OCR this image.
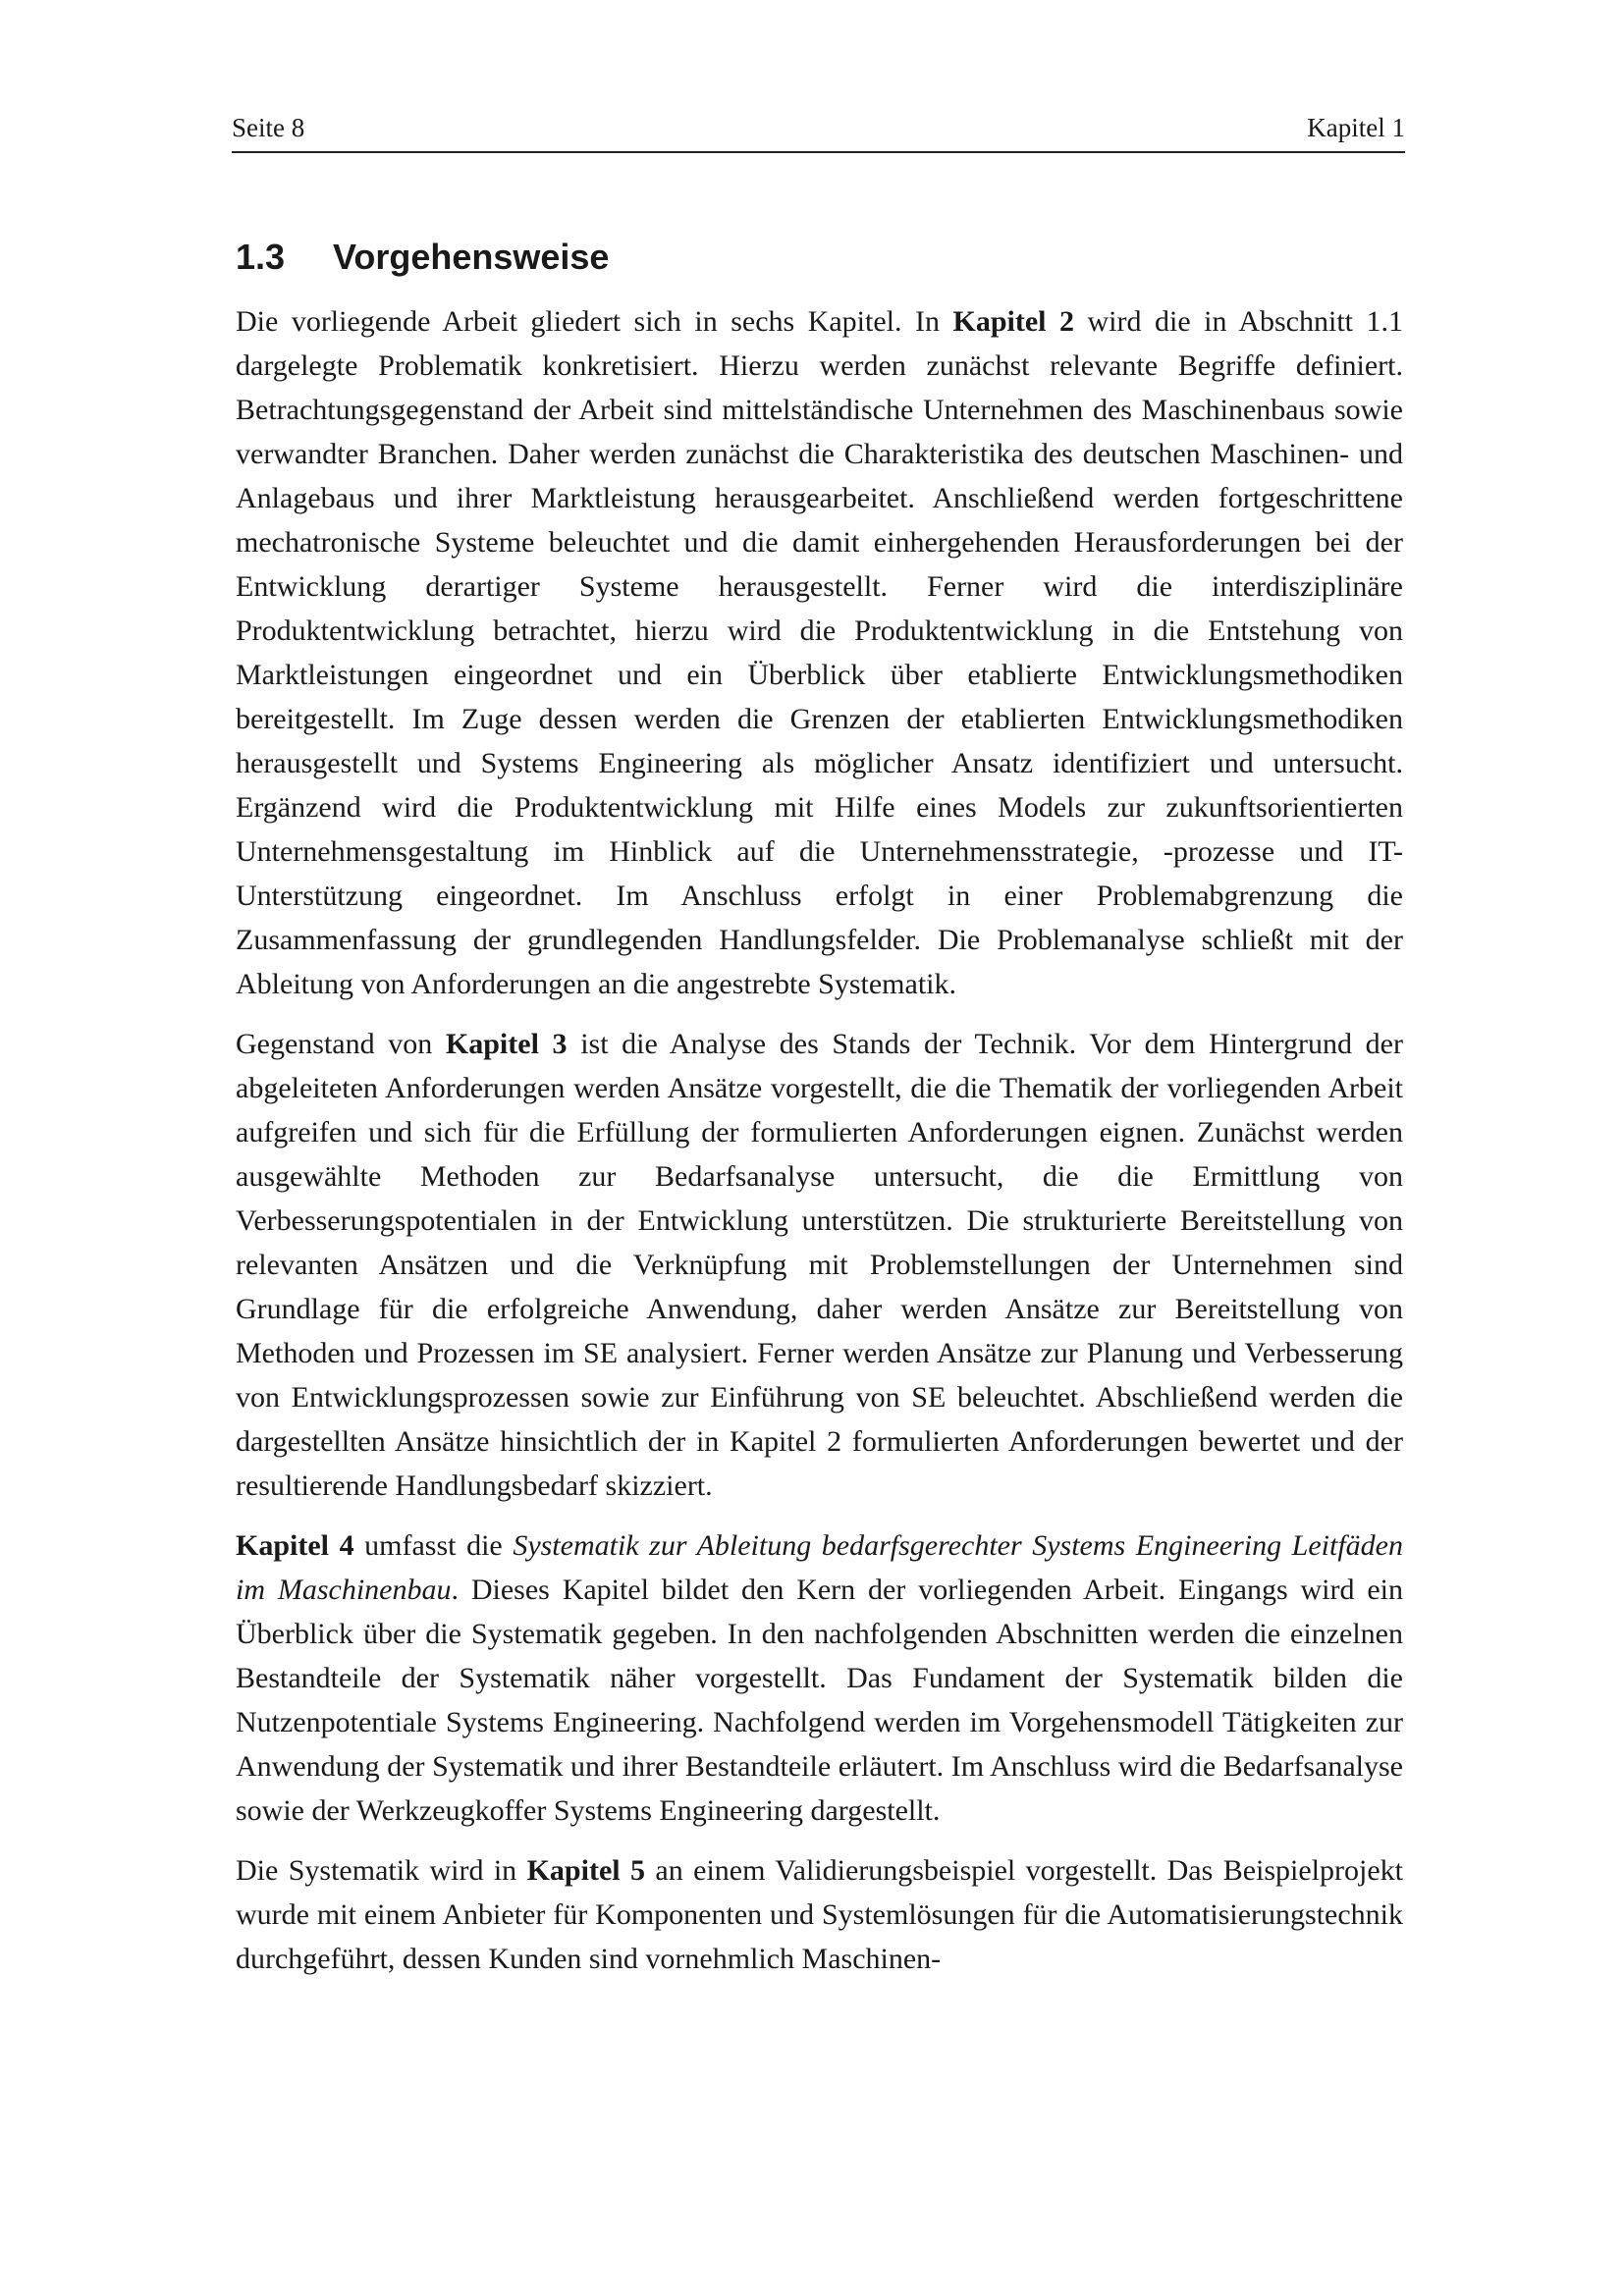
Seite 8	Kapitel 1
1.3 Vorgehensweise

Die vorliegende Arbeit gliedert sich in sechs Kapitel. In Kapitel 2 wird die in Abschnitt 1.1 dargelegte Problematik konkretisiert. Hierzu werden zunächst relevante Begriffe definiert. Betrachtungsgegenstand der Arbeit sind mittelständische Unternehmen des Maschinenbaus sowie verwandter Branchen. Daher werden zunächst die Charakteristika des deutschen Maschinen- und Anlagebaus und ihrer Marktleistung herausgearbeitet. Anschließend werden fortgeschrittene mechatronische Systeme beleuchtet und die damit einhergehenden Herausforderungen bei der Entwicklung derartiger Systeme herausgestellt. Ferner wird die interdisziplinäre Produktentwicklung betrachtet, hierzu wird die Produktentwicklung in die Entstehung von Marktleistungen eingeordnet und ein Überblick über etablierte Entwicklungsmethodiken bereitgestellt. Im Zuge dessen werden die Grenzen der etablierten Entwicklungsmethodiken herausgestellt und Systems Engineering als möglicher Ansatz identifiziert und untersucht. Ergänzend wird die Produktentwicklung mit Hilfe eines Models zur zukunftsorientierten Unternehmensgestaltung im Hinblick auf die Unternehmensstrategie, -prozesse und IT-Unterstützung eingeordnet. Im Anschluss erfolgt in einer Problemabgrenzung die Zusammenfassung der grundlegenden Handlungsfelder. Die Problemanalyse schließt mit der Ableitung von Anforderungen an die angestrebte Systematik.

Gegenstand von Kapitel 3 ist die Analyse des Stands der Technik. Vor dem Hintergrund der abgeleiteten Anforderungen werden Ansätze vorgestellt, die die Thematik der vorliegenden Arbeit aufgreifen und sich für die Erfüllung der formulierten Anforderungen eignen. Zunächst werden ausgewählte Methoden zur Bedarfsanalyse untersucht, die die Ermittlung von Verbesserungspotentialen in der Entwicklung unterstützen. Die strukturierte Bereitstellung von relevanten Ansätzen und die Verknüpfung mit Problemstellungen der Unternehmen sind Grundlage für die erfolgreiche Anwendung, daher werden Ansätze zur Bereitstellung von Methoden und Prozessen im SE analysiert. Ferner werden Ansätze zur Planung und Verbesserung von Entwicklungsprozessen sowie zur Einführung von SE beleuchtet. Abschließend werden die dargestellten Ansätze hinsichtlich der in Kapitel 2 formulierten Anforderungen bewertet und der resultierende Handlungsbedarf skizziert.

Kapitel 4 umfasst die Systematik zur Ableitung bedarfsgerechter Systems Engineering Leitfäden im Maschinenbau. Dieses Kapitel bildet den Kern der vorliegenden Arbeit. Eingangs wird ein Überblick über die Systematik gegeben. In den nachfolgenden Abschnitten werden die einzelnen Bestandteile der Systematik näher vorgestellt. Das Fundament der Systematik bilden die Nutzenpotentiale Systems Engineering. Nachfolgend werden im Vorgehensmodell Tätigkeiten zur Anwendung der Systematik und ihrer Bestandteile erläutert. Im Anschluss wird die Bedarfsanalyse sowie der Werkzeugkoffer Systems Engineering dargestellt.

Die Systematik wird in Kapitel 5 an einem Validierungsbeispiel vorgestellt. Das Beispielprojekt wurde mit einem Anbieter für Komponenten und Systemlösungen für die Automatisierungstechnik durchgeführt, dessen Kunden sind vornehmlich Maschinen-
